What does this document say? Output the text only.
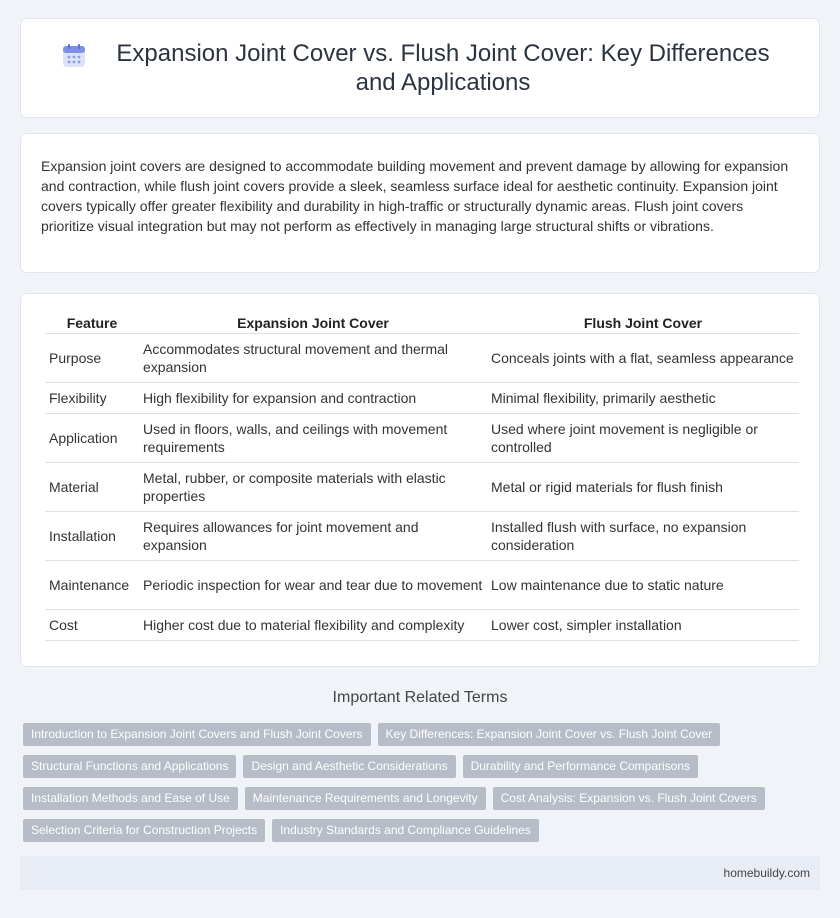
Expansion Joint Cover vs. Flush Joint Cover: Key Differences and Applications

Expansion joint covers are designed to accommodate building movement and prevent damage by allowing for expansion and contraction, while flush joint covers provide a sleek, seamless surface ideal for aesthetic continuity. Expansion joint covers typically offer greater flexibility and durability in high-traffic or structurally dynamic areas. Flush joint covers prioritize visual integration but may not perform as effectively in managing large structural shifts or vibrations.

Feature	Expansion Joint Cover	Flush Joint Cover
Purpose	Accommodates structural movement and thermal expansion	Conceals joints with a flat, seamless appearance
Flexibility	High flexibility for expansion and contraction	Minimal flexibility, primarily aesthetic
Application	Used in floors, walls, and ceilings with movement requirements	Used where joint movement is negligible or controlled
Material	Metal, rubber, or composite materials with elastic properties	Metal or rigid materials for flush finish
Installation	Requires allowances for joint movement and expansion	Installed flush with surface, no expansion consideration
Maintenance	Periodic inspection for wear and tear due to movement	Low maintenance due to static nature
Cost	Higher cost due to material flexibility and complexity	Lower cost, simpler installation
Important Related Terms
Introduction to Expansion Joint Covers and Flush Joint Covers	Key Differences: Expansion Joint Cover vs. Flush Joint Cover
Structural Functions and Applications	Design and Aesthetic Considerations	Durability and Performance Comparisons
Installation Methods and Ease of Use	Maintenance Requirements and Longevity	Cost Analysis: Expansion vs. Flush Joint Covers
Selection Criteria for Construction Projects	Industry Standards and Compliance Guidelines
homebuildy.com
